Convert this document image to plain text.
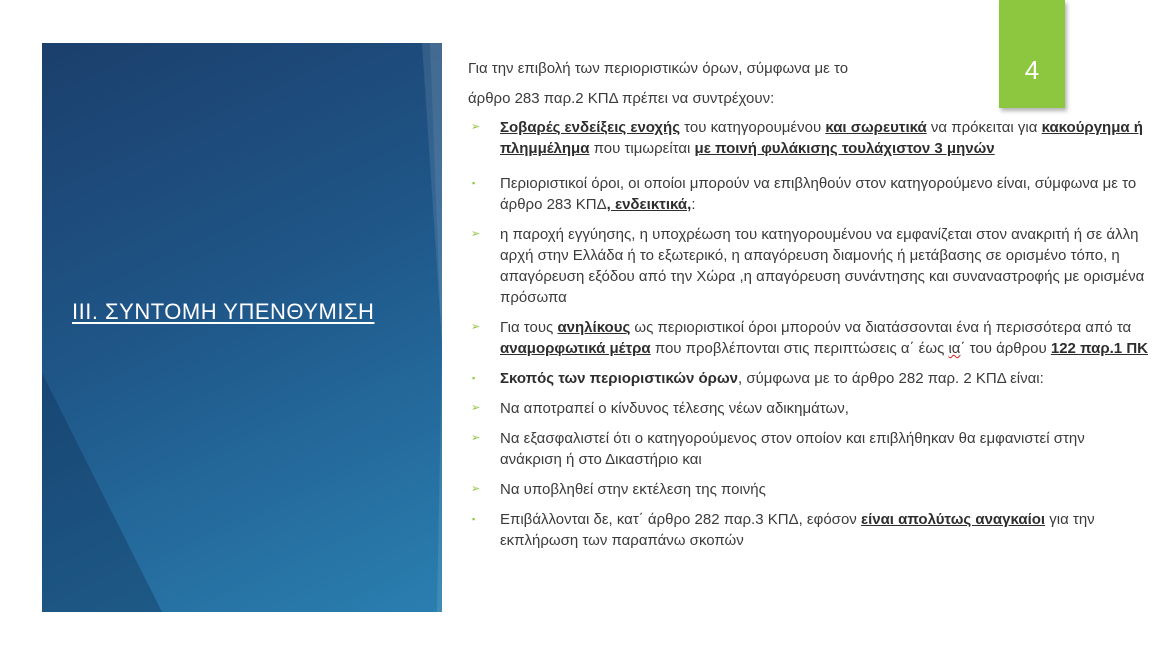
ΙΙΙ. ΣΥΝΤΟΜΗ ΥΠΕΝΘΥΜΙΣΗ
4

Για την επιβολή των περιοριστικών όρων, σύμφωνα με το

άρθρο 283 παρ.2 ΚΠΔ πρέπει να συντρέχουν:

➢ Σοβαρές ενδείξεις ενοχής του κατηγορουμένου και σωρευτικά να πρόκειται για κακούργημα ή πλημμέλημα που τιμωρείται με ποινή φυλάκισης τουλάχιστον 3 μηνών
▪ Περιοριστικοί όροι, οι οποίοι μπορούν να επιβληθούν στον κατηγορούμενο είναι, σύμφωνα με το άρθρο 283 ΚΠΔ, ενδεικτικά,:
➢ η παροχή εγγύησης, η υποχρέωση του κατηγορουμένου να εμφανίζεται στον ανακριτή ή σε άλλη αρχή στην Ελλάδα ή το εξωτερικό, η απαγόρευση διαμονής ή μετάβασης σε ορισμένο τόπο, η απαγόρευση εξόδου από την Χώρα ,η απαγόρευση συνάντησης και συναναστροφής με ορισμένα πρόσωπα
➢ Για τους ανηλίκους ως περιοριστικοί όροι μπορούν να διατάσσονται ένα ή περισσότερα από τα αναμορφωτικά μέτρα που προβλέπονται στις περιπτώσεις α΄ έως ια΄ του άρθρου 122 παρ.1 ΠΚ
▪ Σκοπός των περιοριστικών όρων, σύμφωνα με το άρθρο 282 παρ. 2 ΚΠΔ είναι:
➢ Να αποτραπεί ο κίνδυνος τέλεσης νέων αδικημάτων,
➢ Να εξασφαλιστεί ότι ο κατηγορούμενος στον οποίον και επιβλήθηκαν θα εμφανιστεί στην ανάκριση ή στο Δικαστήριο και
➢ Να υποβληθεί στην εκτέλεση της ποινής
▪ Επιβάλλονται δε, κατ΄ άρθρο 282 παρ.3 ΚΠΔ, εφόσον είναι απολύτως αναγκαίοι για την εκπλήρωση των παραπάνω σκοπών
